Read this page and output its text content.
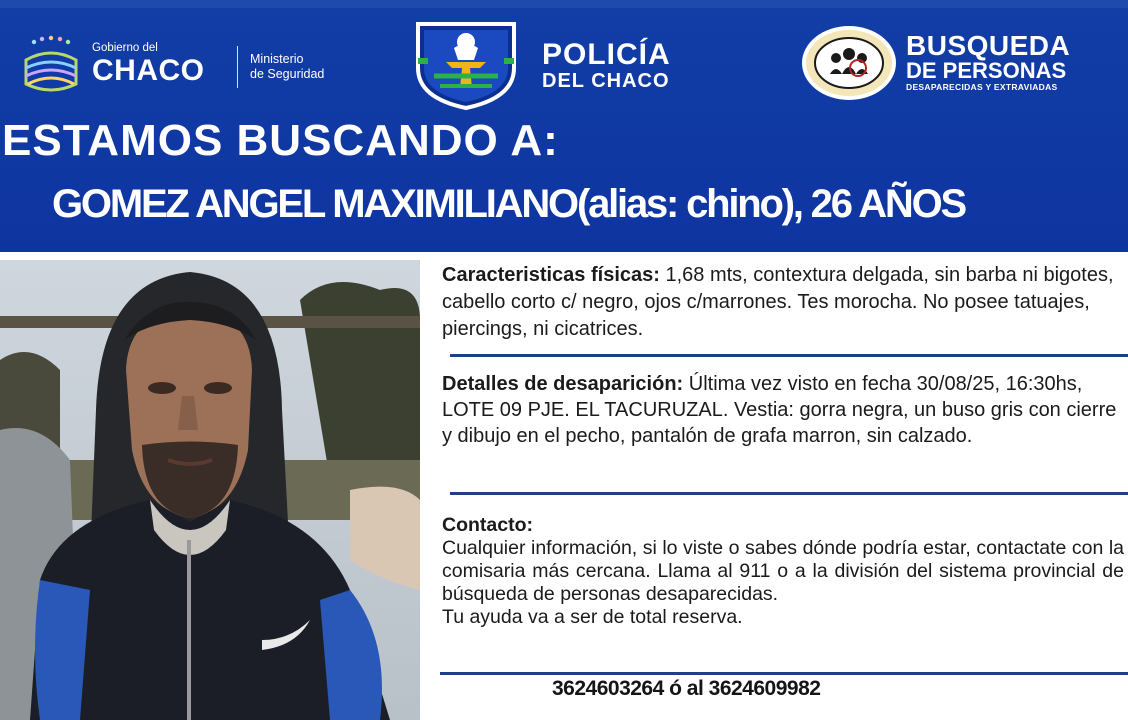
Gobierno del
CHACO	Ministerio
de Seguridad
POLICÍA
DEL CHACO
BUSQUEDA
DE PERSONAS
DESAPARECIDAS Y EXTRAVIADAS
ESTAMOS BUSCANDO A:
GOMEZ ANGEL MAXIMILIANO(alias: chino), 26 AÑOS

Caracteristicas físicas: 1,68 mts, contextura delgada, sin barba ni bigotes, cabello corto c/ negro, ojos c/marrones. Tes morocha. No posee tatuajes, piercings, ni cicatrices.

Detalles de desaparición: Última vez visto en fecha 30/08/25, 16:30hs, LOTE 09 PJE. EL TACURUZAL. Vestia: gorra negra, un buso gris con cierre y dibujo en el pecho, pantalón de grafa marron, sin calzado.

Contacto:
Cualquier información, si lo viste o sabes dónde podría estar, contactate con la comisaria más cercana. Llama al 911 o a la división del sistema provincial de búsqueda de personas desaparecidas.
Tu ayuda va a ser de total reserva.
3624603264 ó al 3624609982
